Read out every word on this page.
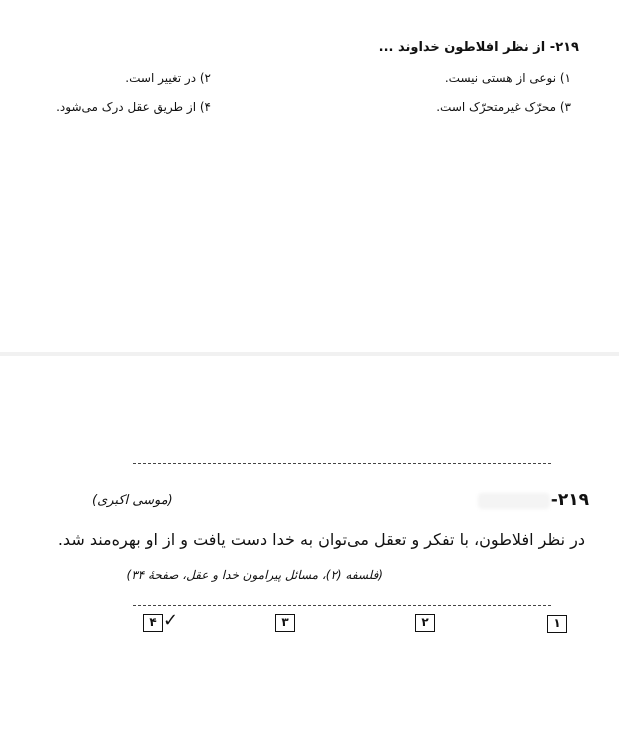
۲۱۹- از نظر افلاطون خداوند ...
۱) نوعی از هستی نیست.
۲) در تغییر است.
۳) محرّک غیرمتحرّک است.
۴) از طریق عقل درک می‌شود.
۲۱۹-
(موسی اکبری)
در نظر افلاطون، با تفکر و تعقل می‌توان به خدا دست یافت و از او بهره‌مند شد.
(فلسفه (۲)، مسائل پیرامون خدا و عقل، صفحهٔ ۳۴)
۱
۲
۳
۴ ✓
